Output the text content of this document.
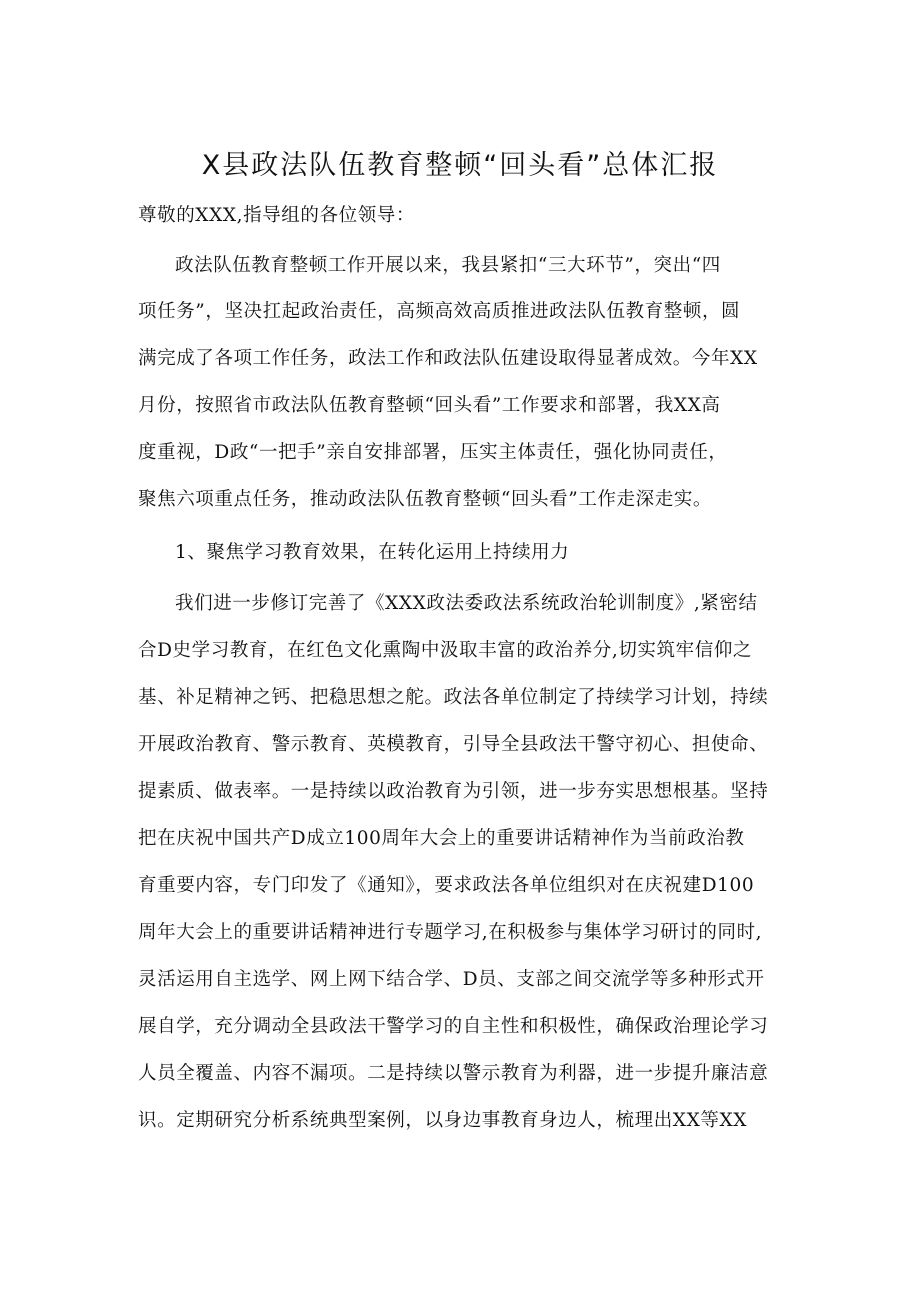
X县政法队伍教育整顿“回头看”总体汇报
尊敬的XXX,指导组的各位领导：
政法队伍教育整顿工作开展以来，我县紧扣“三大环节”，突出“四
项任务”，坚决扛起政治责任，高频高效高质推进政法队伍教育整顿，圆
满完成了各项工作任务，政法工作和政法队伍建设取得显著成效。今年XX
月份，按照省市政法队伍教育整顿“回头看”工作要求和部署，我XX高
度重视，D政“一把手”亲自安排部署，压实主体责任，强化协同责任，
聚焦六项重点任务，推动政法队伍教育整顿“回头看”工作走深走实。
1、聚焦学习教育效果，在转化运用上持续用力
我们进一步修订完善了《XXX政法委政法系统政治轮训制度》,紧密结
合D史学习教育，在红色文化熏陶中汲取丰富的政治养分,切实筑牢信仰之
基、补足精神之钙、把稳思想之舵。政法各单位制定了持续学习计划，持续
开展政治教育、警示教育、英模教育，引导全县政法干警守初心、担使命、
提素质、做表率。一是持续以政治教育为引领，进一步夯实思想根基。坚持
把在庆祝中国共产D成立100周年大会上的重要讲话精神作为当前政治教
育重要内容，专门印发了《通知》，要求政法各单位组织对在庆祝建D100
周年大会上的重要讲话精神进行专题学习,在积极参与集体学习研讨的同时,
灵活运用自主选学、网上网下结合学、D员、支部之间交流学等多种形式开
展自学，充分调动全县政法干警学习的自主性和积极性，确保政治理论学习
人员全覆盖、内容不漏项。二是持续以警示教育为利器，进一步提升廉洁意
识。定期研究分析系统典型案例，以身边事教育身边人，梳理出XX等XX
